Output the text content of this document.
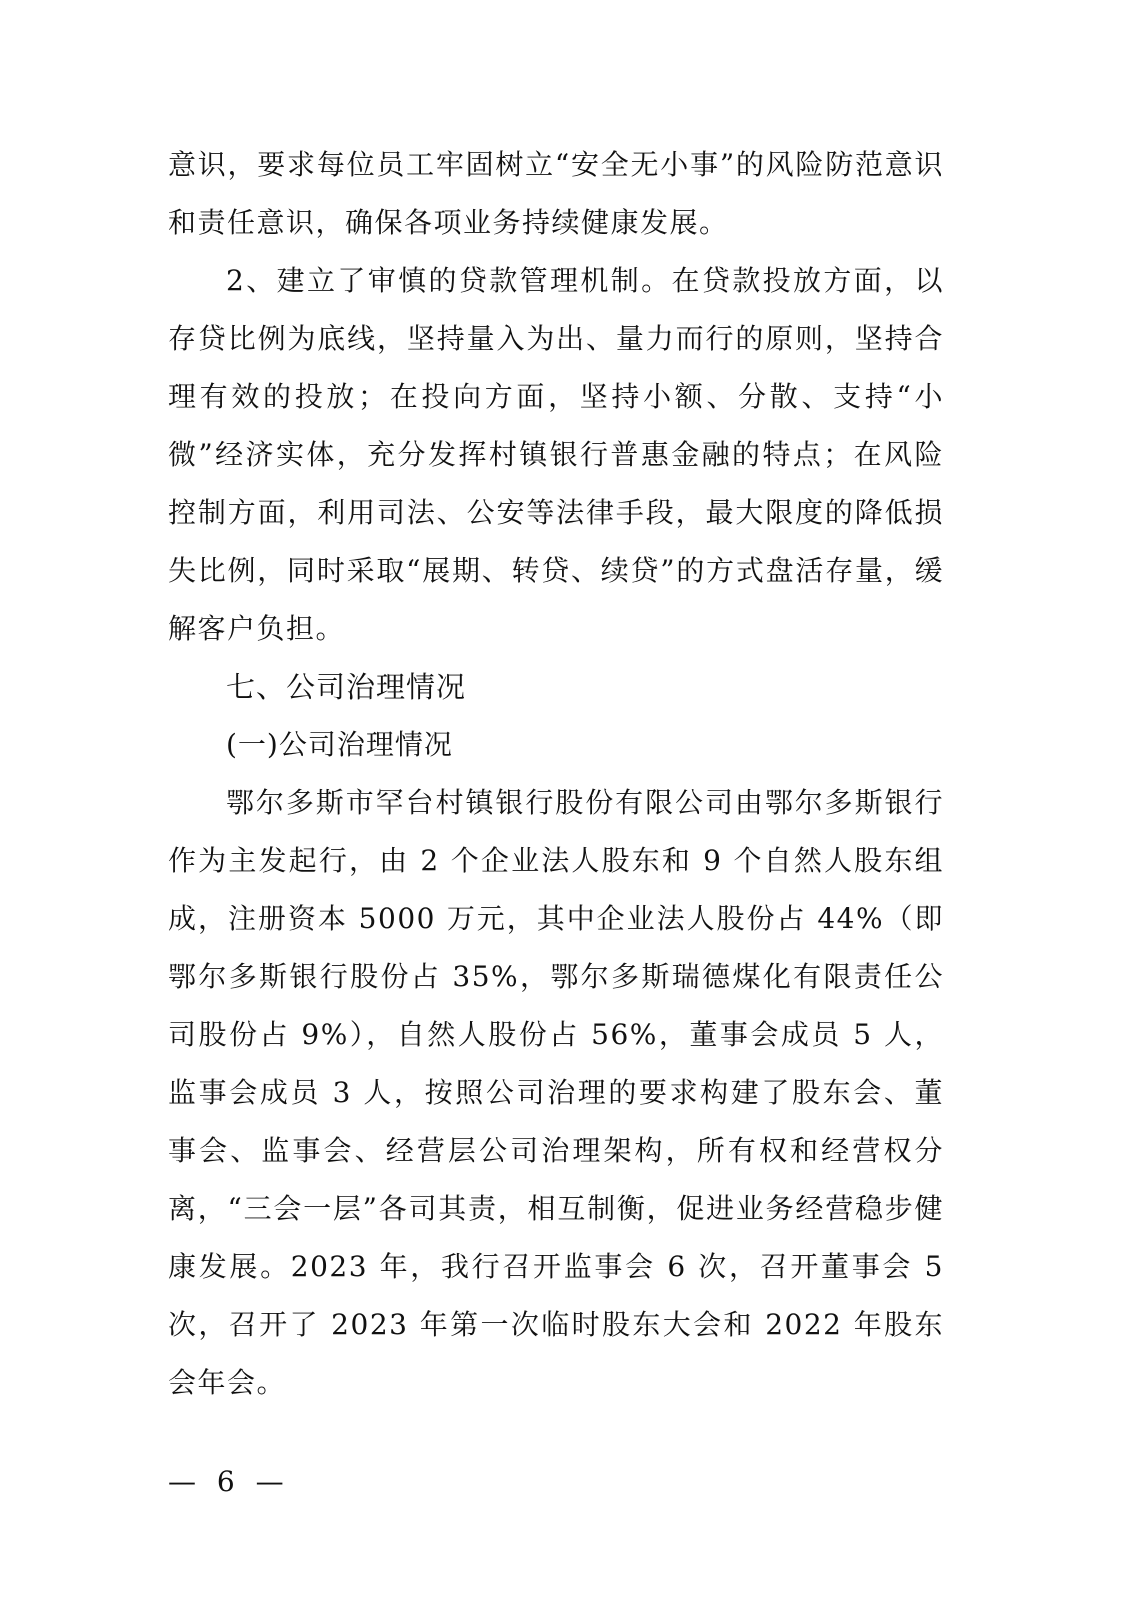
意识，要求每位员工牢固树立“安全无小事”的风险防范意识和责任意识，确保各项业务持续健康发展。

2、建立了审慎的贷款管理机制。在贷款投放方面，以存贷比例为底线，坚持量入为出、量力而行的原则，坚持合理有效的投放；在投向方面，坚持小额、分散、支持“小微”经济实体，充分发挥村镇银行普惠金融的特点；在风险控制方面，利用司法、公安等法律手段，最大限度的降低损失比例，同时采取“展期、转贷、续贷”的方式盘活存量，缓解客户负担。

七、公司治理情况
(一)公司治理情况

鄂尔多斯市罕台村镇银行股份有限公司由鄂尔多斯银行作为主发起行，由 2 个企业法人股东和 9 个自然人股东组成，注册资本 5000 万元，其中企业法人股份占 44%（即鄂尔多斯银行股份占 35%，鄂尔多斯瑞德煤化有限责任公司股份占 9%），自然人股份占 56%，董事会成员 5 人，监事会成员 3 人，按照公司治理的要求构建了股东会、董事会、监事会、经营层公司治理架构，所有权和经营权分离，“三会一层”各司其责，相互制衡，促进业务经营稳步健康发展。2023 年，我行召开监事会 6 次，召开董事会 5 次，召开了 2023 年第一次临时股东大会和 2022 年股东会年会。

— 6 —
